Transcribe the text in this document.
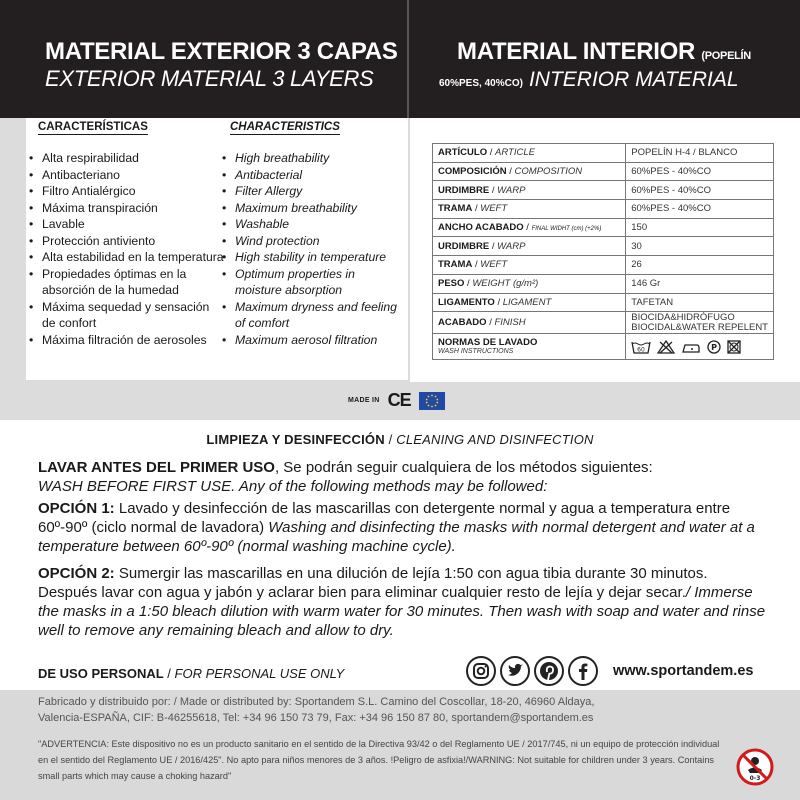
MATERIAL EXTERIOR 3 CAPAS
EXTERIOR MATERIAL 3 LAYERS
MATERIAL INTERIOR (POPELÍN
60%PES, 40%CO) INTERIOR MATERIAL
CARACTERÍSTICAS	CHARACTERISTICS
• Alta respirabilidad
• Antibacteriano
• Filtro Antialérgico
• Máxima transpiración
• Lavable
• Protección antiviento
• Alta estabilidad en la temperatura
• Propiedades óptimas en la absorción de la humedad
• Máxima sequedad y sensación de confort
• Máxima filtración de aerosoles
• High breathability
• Antibacterial
• Filter Allergy
• Maximum breathability
• Washable
• Wind protection
• High stability in temperature
• Optimum properties in moisture absorption
• Maximum dryness and feeling of comfort
• Maximum aerosol filtration
ARTÍCULO / ARTICLE	POPELÍN H-4 / BLANCO
COMPOSICIÓN / COMPOSITION	60%PES - 40%CO
URDIMBRE / WARP	60%PES - 40%CO
TRAMA / WEFT	60%PES - 40%CO
ANCHO ACABADO / FINAL WIDHT (cm) (+2%)	150
URDIMBRE / WARP	30
TRAMA / WEFT	26
PESO / WEIGHT (g/m²)	146 Gr
LIGAMENTO / LIGAMENT	TAFETAN
ACABADO / FINISH	BIOCIDA&HIDRÓFUGO
BIOCIDAL&WATER REPELENT

NORMAS DE LAVADO
WASH INSTRUCTIONS	60 P
MADE IN CE
LIMPIEZA Y DESINFECCIÓN / CLEANING AND DISINFECTION
LAVAR ANTES DEL PRIMER USO, Se podrán seguir cualquiera de los métodos siguientes:
WASH BEFORE FIRST USE. Any of the following methods may be followed:
OPCIÓN 1: Lavado y desinfección de las mascarillas con detergente normal y agua a temperatura entre 60º-90º (ciclo normal de lavadora) Washing and disinfecting the masks with normal detergent and water at a temperature between 60º-90º (normal washing machine cycle).
OPCIÓN 2: Sumergir las mascarillas en una dilución de lejía 1:50 con agua tibia durante 30 minutos. Después lavar con agua y jabón y aclarar bien para eliminar cualquier resto de lejía y dejar secar./ Immerse the masks in a 1:50 bleach dilution with warm water for 30 minutes. Then wash with soap and water and rinse well to remove any remaining bleach and allow to dry.
DE USO PERSONAL / FOR PERSONAL USE ONLY	www.sportandem.es
Fabricado y distribuido por: / Made or distributed by: Sportandem S.L. Camino del Coscollar, 18-20, 46960 Aldaya,
Valencia-ESPAÑA, CIF: B-46255618, Tel: +34 96 150 73 79, Fax: +34 96 150 87 80, sportandem@sportandem.es
"ADVERTENCIA: Este dispositivo no es un producto sanitario en el sentido de la Directiva 93/42 o del Reglamento UE / 2017/745, ni un equipo de protección individual en el sentido del Reglamento UE / 2016/425". No apto para niños menores de 3 años. !Peligro de asfixia!/WARNING: Not suitable for children under 3 years. Contains small parts which may cause a choking hazard"	0-3
